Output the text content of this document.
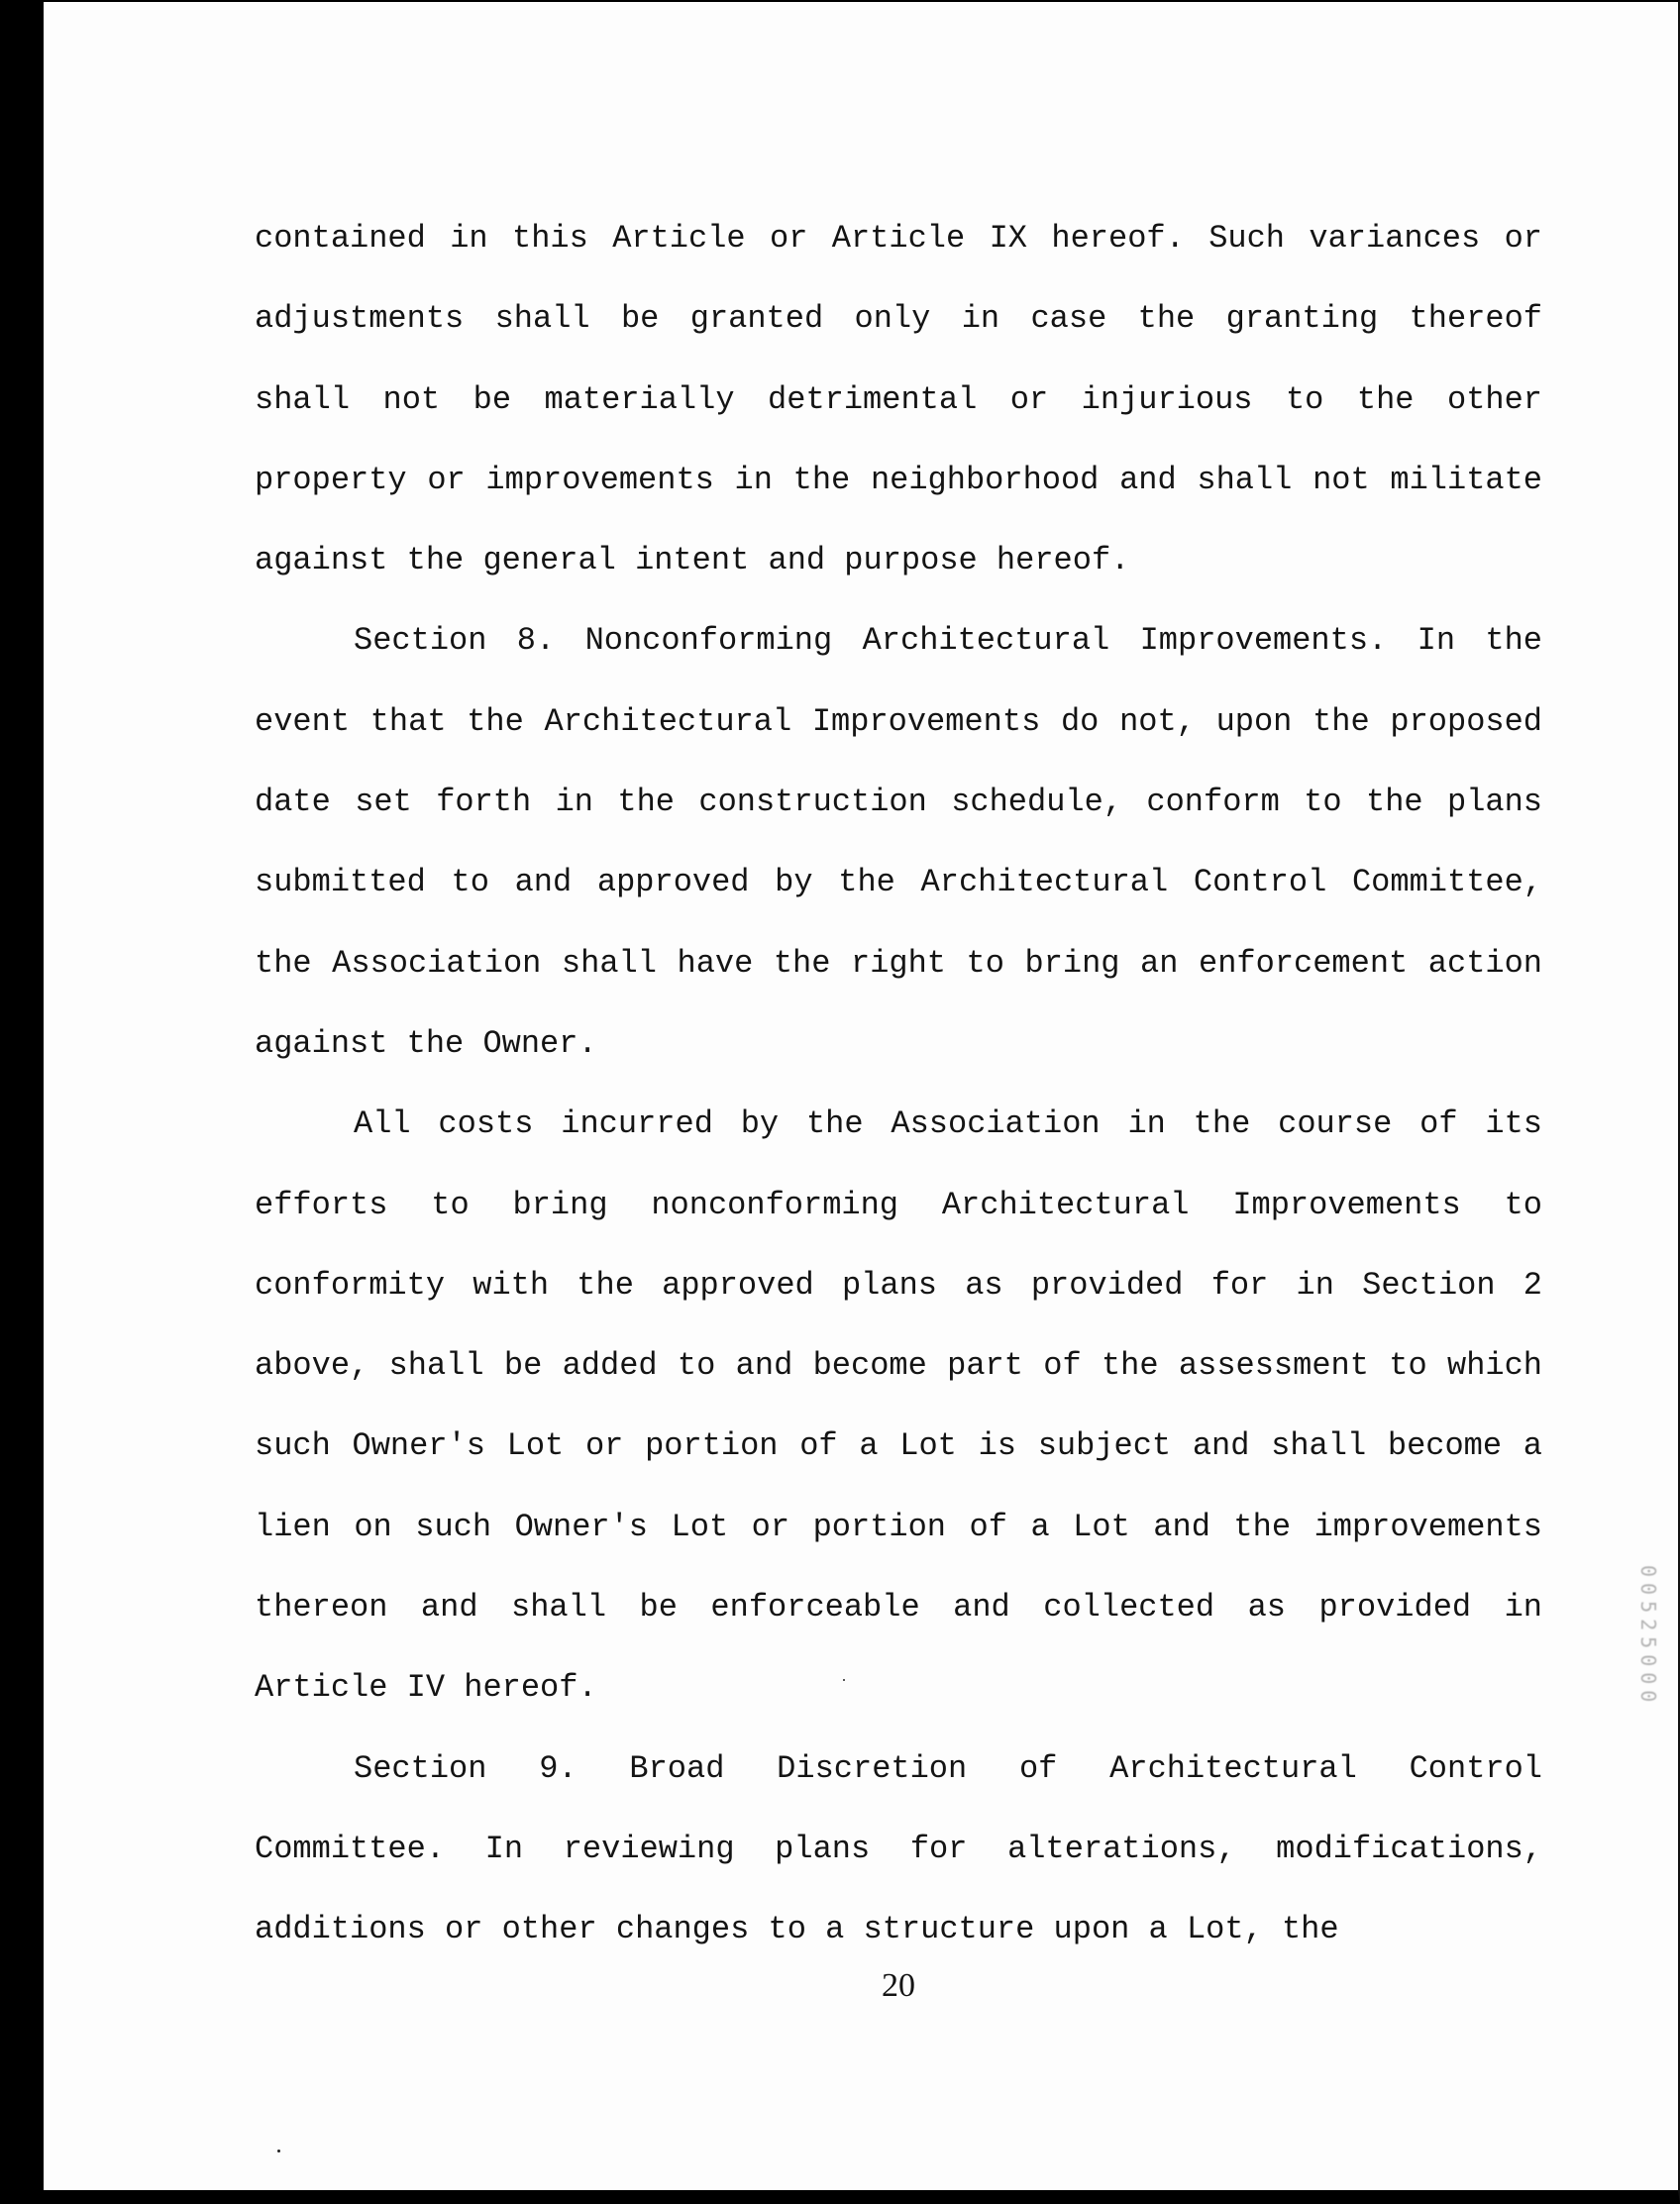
contained in this Article or Article IX hereof. Such variances or adjustments shall be granted only in case the granting thereof shall not be materially detrimental or injurious to the other property or improvements in the neighborhood and shall not militate against the general intent and purpose hereof.

Section 8. Nonconforming Architectural Improvements. In the event that the Architectural Improvements do not, upon the proposed date set forth in the construction schedule, conform to the plans submitted to and approved by the Architectural Control Committee, the Association shall have the right to bring an enforcement action against the Owner.

All costs incurred by the Association in the course of its efforts to bring nonconforming Architectural Improvements to conformity with the approved plans as provided for in Section 2 above, shall be added to and become part of the assessment to which such Owner's Lot or portion of a Lot is subject and shall become a lien on such Owner's Lot or portion of a Lot and the improvements thereon and shall be enforceable and collected as provided in Article IV hereof.

Section 9. Broad Discretion of Architectural Control Committee. In reviewing plans for alterations, modifications, additions or other changes to a structure upon a Lot, the

20
00525000
